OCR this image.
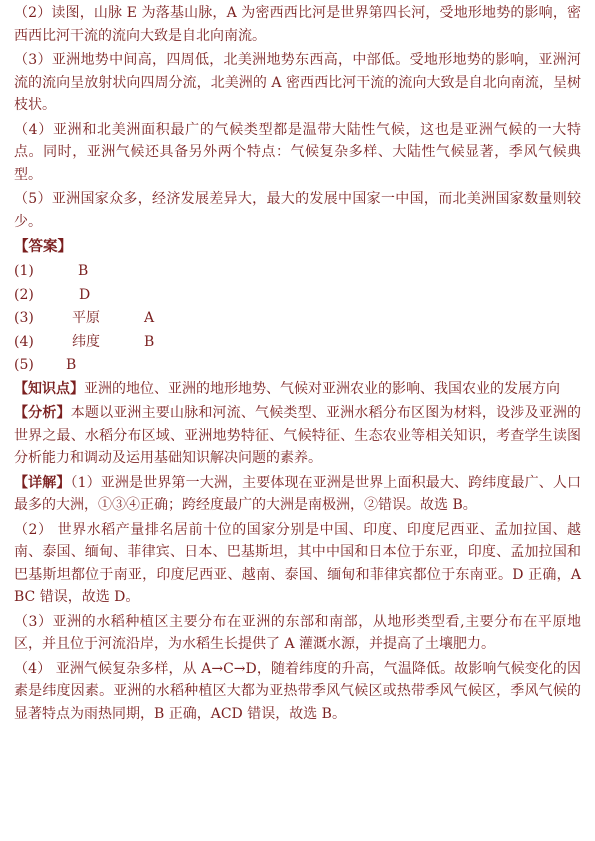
（2）读图，山脉 E 为落基山脉，A 为密西西比河是世界第四长河，受地形地势的影响，密西西比河干流的流向大致是自北向南流。

（3）亚洲地势中间高，四周低，北美洲地势东西高，中部低。受地形地势的影响，亚洲河流的流向呈放射状向四周分流，北美洲的 A 密西西比河干流的流向大致是自北向南流，呈树枝状。

（4）亚洲和北美洲面积最广的气候类型都是温带大陆性气候，这也是亚洲气候的一大特点。同时，亚洲气候还具备另外两个特点：气候复杂多样、大陆性气候显著，季风气候典型。

（5）亚洲国家众多，经济发展差异大，最大的发展中国家一中国，而北美洲国家数量则较少。

【答案】
(1)	B
(2)	D
(3)	平原	A
(4)	纬度	B
(5)	B

【知识点】亚洲的地位、亚洲的地形地势、气候对亚洲农业的影响、我国农业的发展方向

【分析】本题以亚洲主要山脉和河流、气候类型、亚洲水稻分布区图为材料，设涉及亚洲的世界之最、水稻分布区域、亚洲地势特征、气候特征、生态农业等相关知识，考查学生读图分析能力和调动及运用基础知识解决问题的素养。

【详解】（1）亚洲是世界第一大洲，主要体现在亚洲是世界上面积最大、跨纬度最广、人口最多的大洲，①③④正确；跨经度最广的大洲是南极洲，②错误。故选 B。

（2） 世界水稻产量排名居前十位的国家分别是中国、印度、印度尼西亚、孟加拉国、越南、泰国、缅甸、菲律宾、日本、巴基斯坦，其中中国和日本位于东亚，印度、孟加拉国和巴基斯坦都位于南亚，印度尼西亚、越南、泰国、缅甸和菲律宾都位于东南亚。D 正确，ABC 错误，故选 D。

（3）亚洲的水稻种植区主要分布在亚洲的东部和南部，从地形类型看,主要分布在平原地区，并且位于河流沿岸，为水稻生长提供了 A 灌溉水源，并提高了土壤肥力。

（4） 亚洲气候复杂多样，从 A→C→D，随着纬度的升高，气温降低。故影响气候变化的因素是纬度因素。亚洲的水稻种植区大都为亚热带季风气候区或热带季风气候区，季风气候的显著特点为雨热同期，B 正确，ACD 错误，故选 B。
